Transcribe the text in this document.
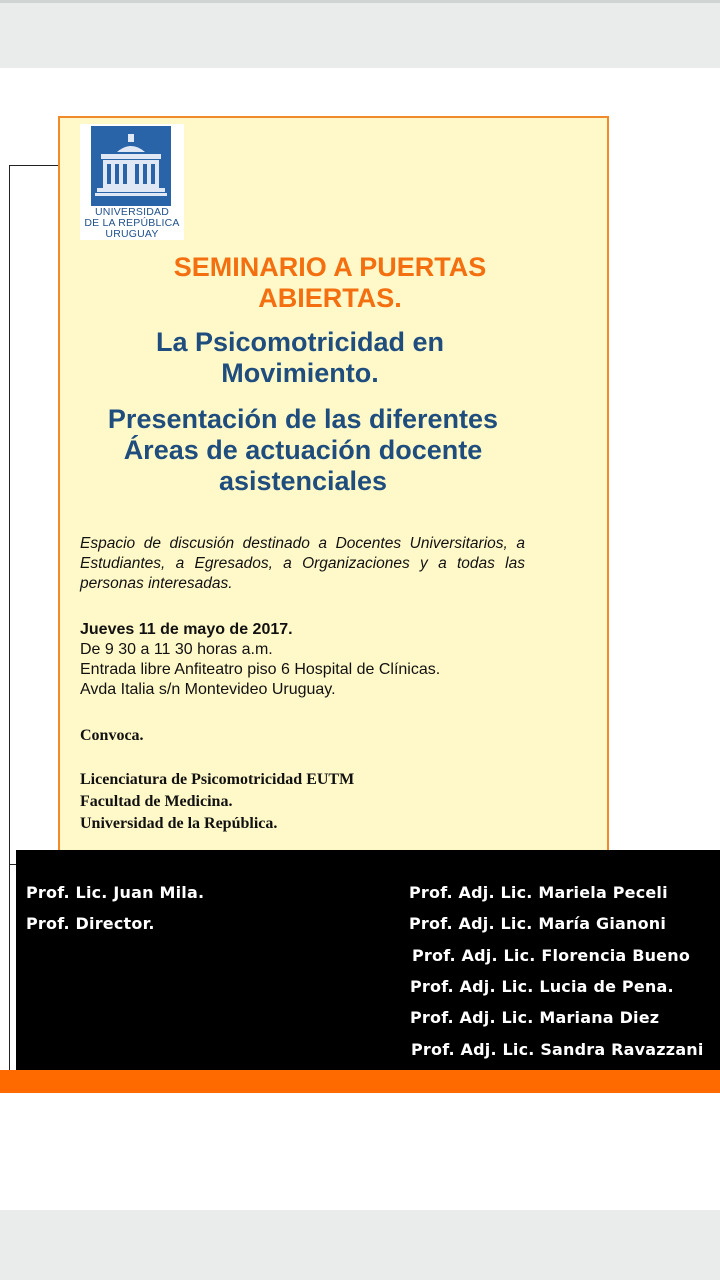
UNIVERSIDAD
DE LA REPÚBLICA
URUGUAY
SEMINARIO A PUERTAS
ABIERTAS.
La Psicomotricidad en
Movimiento.
Presentación de las diferentes
Áreas de actuación docente
asistenciales
Espacio de discusión destinado a Docentes Universitarios, a Estudiantes, a Egresados, a Organizaciones y a todas las personas interesadas.
Jueves 11 de mayo de 2017.
De 9 30 a 11 30 horas a.m.
Entrada libre Anfiteatro piso 6 Hospital de Clínicas.
Avda Italia s/n Montevideo Uruguay.
Convoca.
Licenciatura de Psicomotricidad EUTM
Facultad de Medicina.
Universidad de la República.
Prof. Lic. Juan Mila.
Prof. Director.
Prof. Adj. Lic. Mariela Peceli
Prof. Adj. Lic. María Gianoni
Prof. Adj. Lic. Florencia Bueno
Prof. Adj. Lic. Lucia de Pena.
Prof. Adj. Lic. Mariana Diez
Prof. Adj. Lic. Sandra Ravazzani
